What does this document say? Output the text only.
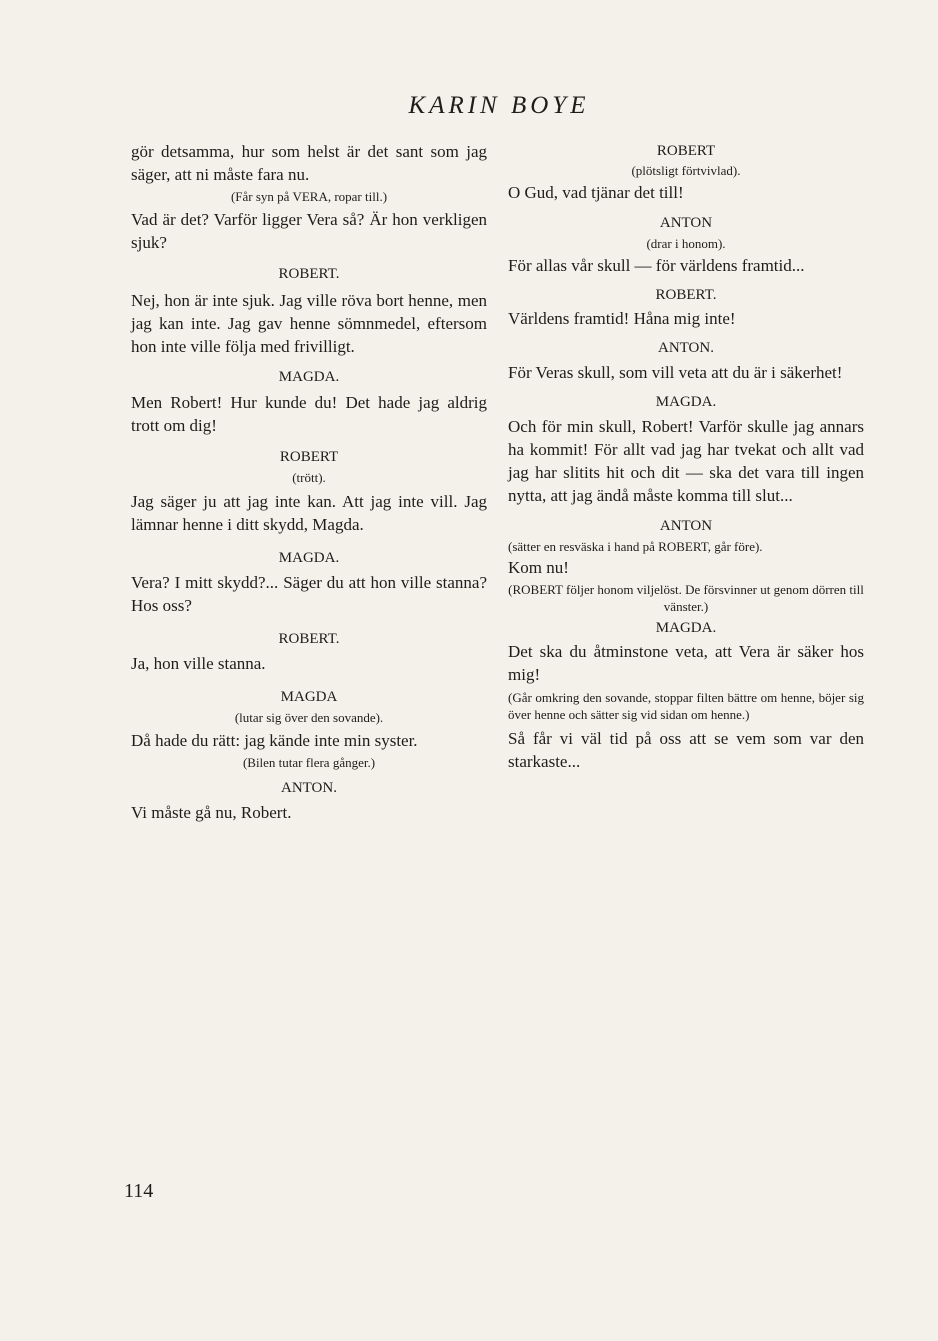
KARIN BOYE

gör detsamma, hur som helst är det sant som jag säger, att ni måste fara nu.

(Får syn på VERA, ropar till.)

Vad är det? Varför ligger Vera så? Är hon verkligen sjuk?

ROBERT.

Nej, hon är inte sjuk. Jag ville röva bort henne, men jag kan inte. Jag gav henne sömnmedel, eftersom hon inte ville följa med frivilligt.

MAGDA.

Men Robert! Hur kunde du! Det hade jag aldrig trott om dig!

ROBERT

(trött).

Jag säger ju att jag inte kan. Att jag inte vill. Jag lämnar henne i ditt skydd, Magda.

MAGDA.

Vera? I mitt skydd?... Säger du att hon ville stanna? Hos oss?

ROBERT.

Ja, hon ville stanna.

MAGDA

(lutar sig över den sovande).

Då hade du rätt: jag kände inte min syster.

(Bilen tutar flera gånger.)

ANTON.

Vi måste gå nu, Robert.

ROBERT

(plötsligt förtvivlad).

O Gud, vad tjänar det till!

ANTON

(drar i honom).

För allas vår skull — för världens framtid...

ROBERT.

Världens framtid! Håna mig inte!

ANTON.

För Veras skull, som vill veta att du är i säkerhet!

MAGDA.

Och för min skull, Robert! Varför skulle jag annars ha kommit! För allt vad jag har tvekat och allt vad jag har slitits hit och dit — ska det vara till ingen nytta, att jag ändå måste komma till slut...

ANTON

(sätter en resväska i hand på ROBERT, går före).

Kom nu!

(ROBERT följer honom viljelöst. De försvinner ut genom dörren till vänster.)

MAGDA.

Det ska du åtminstone veta, att Vera är säker hos mig!

(Går omkring den sovande, stoppar filten bättre om henne, böjer sig över henne och sätter sig vid sidan om henne.)

Så får vi väl tid på oss att se vem som var den starkaste...

114
